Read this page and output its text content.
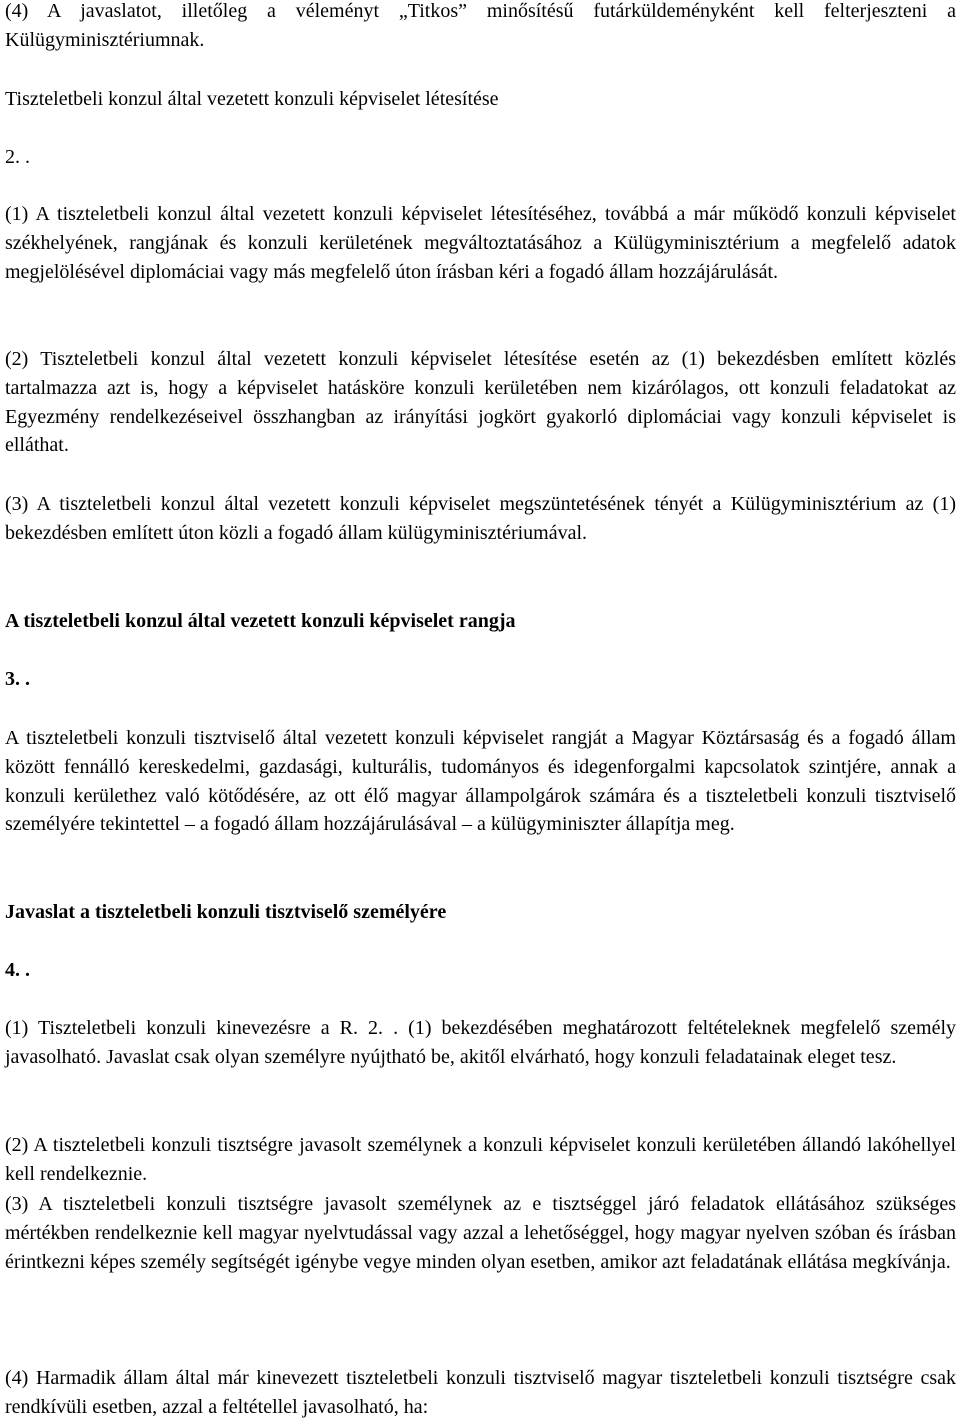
(4) A javaslatot, illetőleg a véleményt „Titkos” minősítésű futárküldeményként kell felterjeszteni a Külügyminisztériumnak.

Tiszteletbeli konzul által vezetett konzuli képviselet létesítése

2. .

(1) A tiszteletbeli konzul által vezetett konzuli képviselet létesítéséhez, továbbá a már működő konzuli képviselet székhelyének, rangjának és konzuli kerületének megváltoztatásához a Külügyminisztérium a megfelelő adatok megjelölésével diplomáciai vagy más megfelelő úton írásban kéri a fogadó állam hozzájárulását.

(2) Tiszteletbeli konzul által vezetett konzuli képviselet létesítése esetén az (1) bekezdésben említett közlés tartalmazza azt is, hogy a képviselet hatásköre konzuli kerületében nem kizárólagos, ott konzuli feladatokat az Egyezmény rendelkezéseivel összhangban az irányítási jogkört gyakorló diplomáciai vagy konzuli képviselet is elláthat.

(3) A tiszteletbeli konzul által vezetett konzuli képviselet megszüntetésének tényét a Külügyminisztérium az (1) bekezdésben említett úton közli a fogadó állam külügyminisztériumával.

A tiszteletbeli konzul által vezetett konzuli képviselet rangja

3. .

A tiszteletbeli konzuli tisztviselő által vezetett konzuli képviselet rangját a Magyar Köztársaság és a fogadó állam között fennálló kereskedelmi, gazdasági, kulturális, tudományos és idegenforgalmi kapcsolatok szintjére, annak a konzuli kerülethez való kötődésére, az ott élő magyar állampolgárok számára és a tiszteletbeli konzuli tisztviselő személyére tekintettel – a fogadó állam hozzájárulásával – a külügyminiszter állapítja meg.

Javaslat a tiszteletbeli konzuli tisztviselő személyére

4. .

(1) Tiszteletbeli konzuli kinevezésre a R. 2. . (1) bekezdésében meghatározott feltételeknek megfelelő személy javasolható. Javaslat csak olyan személyre nyújtható be, akitől elvárható, hogy konzuli feladatainak eleget tesz.

(2) A tiszteletbeli konzuli tisztségre javasolt személynek a konzuli képviselet konzuli kerületében állandó lakóhellyel kell rendelkeznie.

(3) A tiszteletbeli konzuli tisztségre javasolt személynek az e tisztséggel járó feladatok ellátásához szükséges mértékben rendelkeznie kell magyar nyelvtudással vagy azzal a lehetőséggel, hogy magyar nyelven szóban és írásban érintkezni képes személy segítségét igénybe vegye minden olyan esetben, amikor azt feladatának ellátása megkívánja.

(4) Harmadik állam által már kinevezett tiszteletbeli konzuli tisztviselő magyar tiszteletbeli konzuli tisztségre csak rendkívüli esetben, azzal a feltétellel javasolható, ha:
